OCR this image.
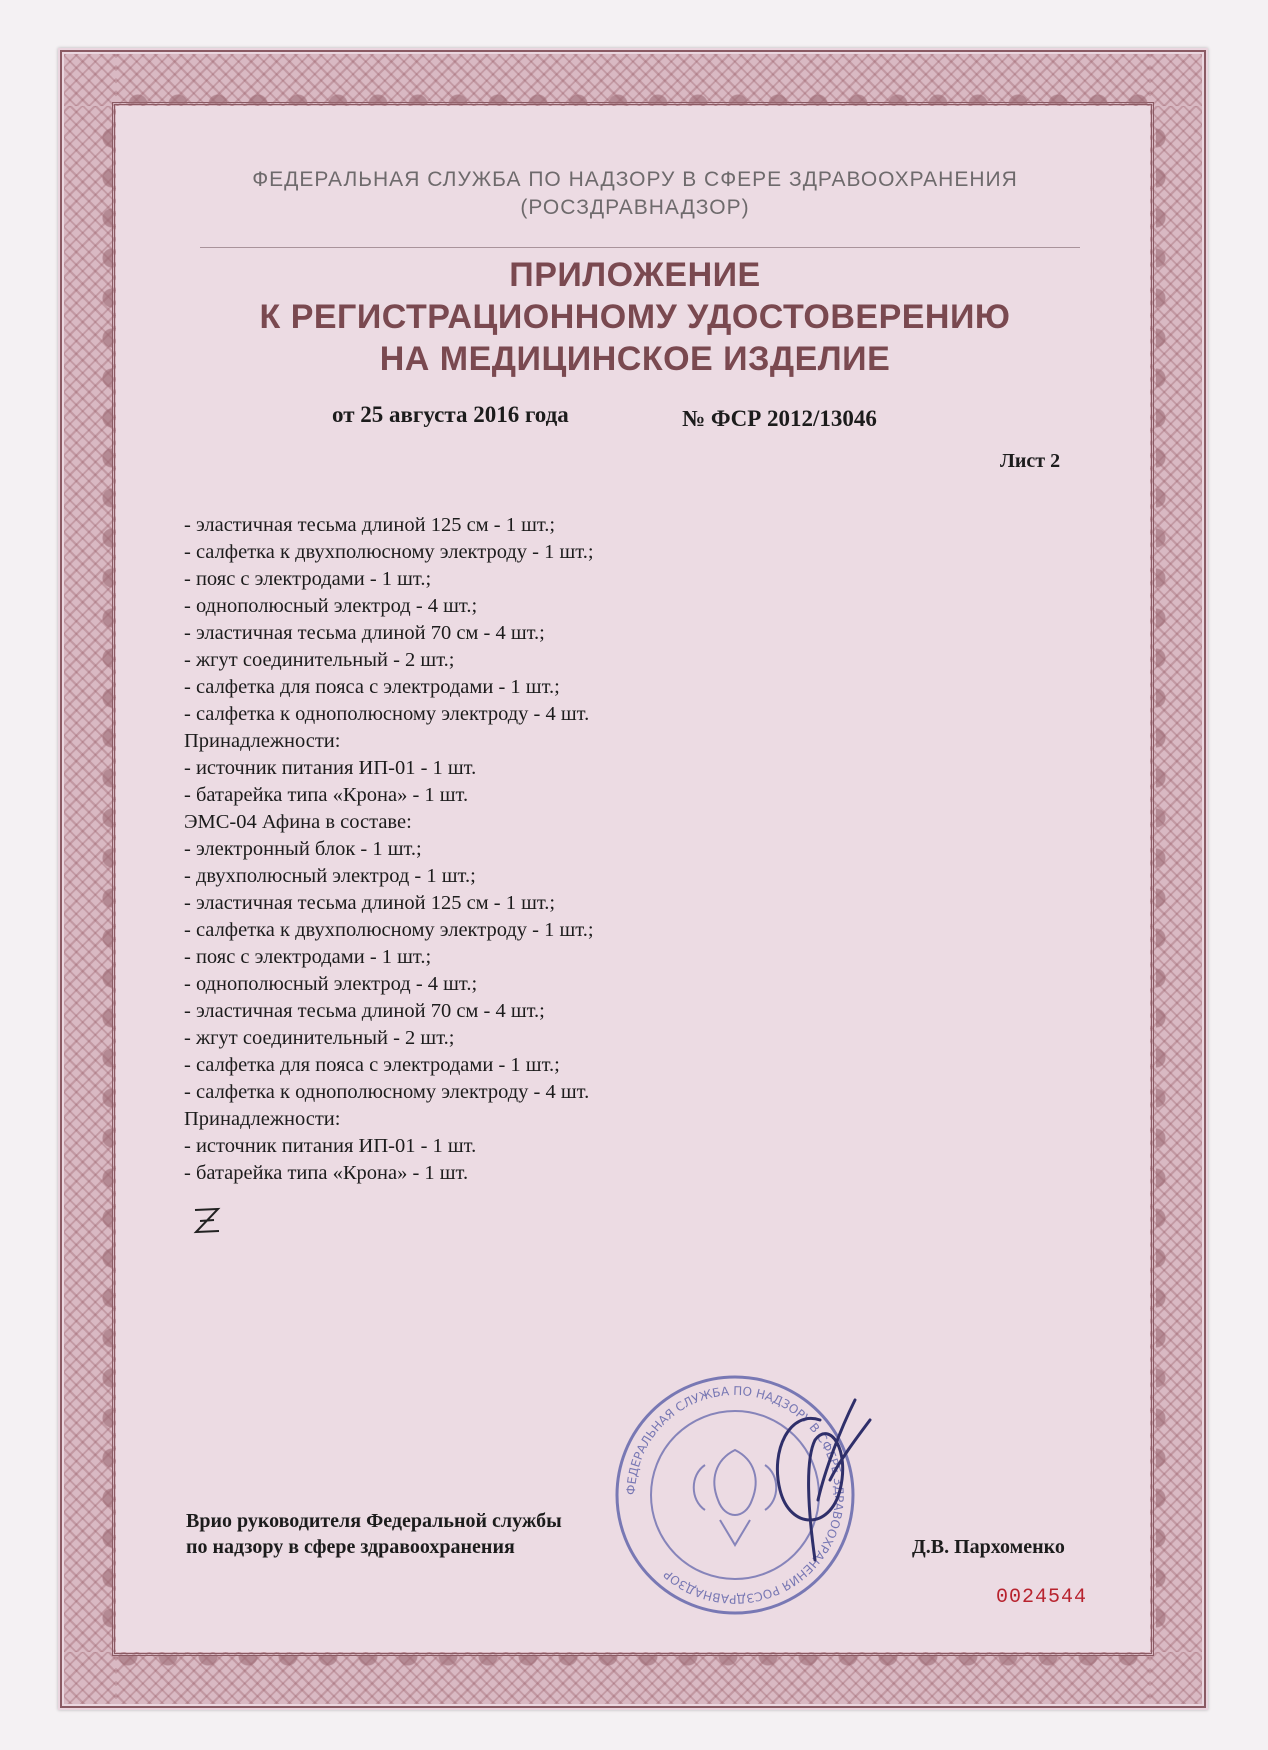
ФЕДЕРАЛЬНАЯ СЛУЖБА ПО НАДЗОРУ В СФЕРЕ ЗДРАВООХРАНЕНИЯ
(РОСЗДРАВНАДЗОР)
ПРИЛОЖЕНИЕ
К РЕГИСТРАЦИОННОМУ УДОСТОВЕРЕНИЮ
НА МЕДИЦИНСКОЕ ИЗДЕЛИЕ
от 25 августа 2016 года	№ ФСР 2012/13046
Лист 2
- эластичная тесьма длиной 125 см - 1 шт.;
- салфетка к двухполюсному электроду - 1 шт.;
- пояс с электродами - 1 шт.;
- однополюсный электрод - 4 шт.;
- эластичная тесьма длиной 70 см - 4 шт.;
- жгут соединительный - 2 шт.;
- салфетка для пояса с электродами - 1 шт.;
- салфетка к однополюсному электроду - 4 шт.
Принадлежности:
- источник питания ИП-01 - 1 шт.
- батарейка типа «Крона» - 1 шт.
ЭМС-04 Афина в составе:
- электронный блок - 1 шт.;
- двухполюсный электрод - 1 шт.;
- эластичная тесьма длиной 125 см - 1 шт.;
- салфетка к двухполюсному электроду - 1 шт.;
- пояс с электродами - 1 шт.;
- однополюсный электрод - 4 шт.;
- эластичная тесьма длиной 70 см - 4 шт.;
- жгут соединительный - 2 шт.;
- салфетка для пояса с электродами - 1 шт.;
- салфетка к однополюсному электроду - 4 шт.
Принадлежности:
- источник питания ИП-01 - 1 шт.
- батарейка типа «Крона» - 1 шт.
ФЕДЕРАЛЬНАЯ СЛУЖБА ПО НАДЗОРУ В СФЕРЕ ЗДРАВООХРАНЕНИЯ РОСЗДРАВНАДЗОР
Врио руководителя Федеральной службы
по надзору в сфере здравоохранения	Д.В. Пархоменко
0024544
